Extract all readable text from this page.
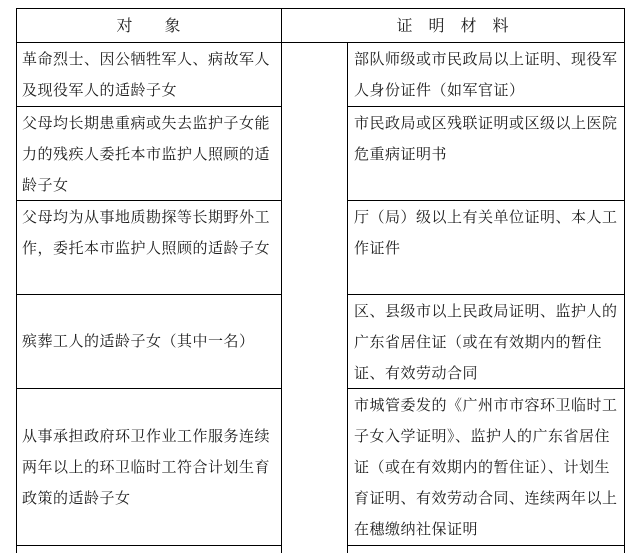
对　　象	证　明　材　料

革命烈士、因公牺牲军人、病故军人及现役军人的适龄子女

部队师级或市民政局以上证明、现役军人身份证件（如军官证）

父母均长期患重病或失去监护子女能力的残疾人委托本市监护人照顾的适龄子女

市民政局或区残联证明或区级以上医院危重病证明书

父母均为从事地质勘探等长期野外工作，委托本市监护人照顾的适龄子女

厅（局）级以上有关单位证明、本人工作证件

殡葬工人的适龄子女（其中一名）

区、县级市以上民政局证明、监护人的广东省居住证（或在有效期内的暂住证、有效劳动合同

从事承担政府环卫作业工作服务连续两年以上的环卫临时工符合计划生育政策的适龄子女

市城管委发的《广州市市容环卫临时工子女入学证明》、监护人的广东省居住证（或在有效期内的暂住证）、计划生育证明、有效劳动合同、连续两年以上在穗缴纳社保证明
